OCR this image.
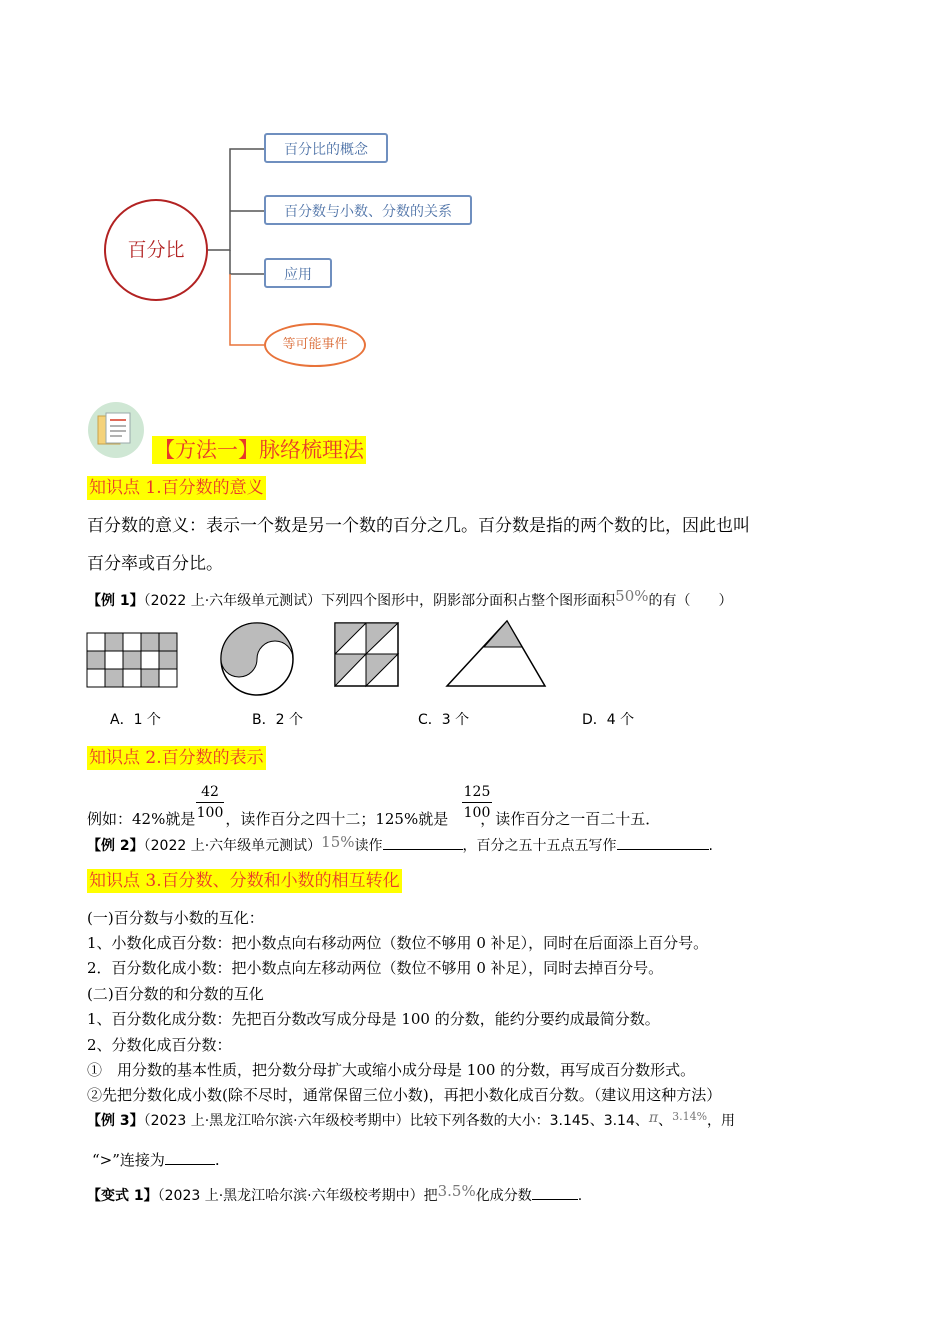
百分比
百分比的概念
百分数与小数、分数的关系
应用
等可能事件
【方法一】脉络梳理法
知识点 1.百分数的意义
百分数的意义：表示一个数是另一个数的百分之几。百分数是指的两个数的比，因此也叫
百分率或百分比。
【例 1】（2022 上·六年级单元测试）下列四个图形中，阴影部分面积占整个图形面积50%的有（　　）
A．1 个	B．2 个	C．3 个	D．4 个
知识点 2.百分数的表示
42
100
125
100
例如：42%就是 ，读作百分之四十二；125%就是 ，读作百分之一百二十五．
【例 2】（2022 上·六年级单元测试）15%读作	，百分之五十五点五写作	.
知识点 3.百分数、分数和小数的相互转化
(一)百分数与小数的互化：
1、小数化成百分数：把小数点向右移动两位（数位不够用 0 补足），同时在后面添上百分号。
2．百分数化成小数：把小数点向左移动两位（数位不够用 0 补足），同时去掉百分号。
(二)百分数的和分数的互化
1、百分数化成分数：先把百分数改写成分母是 100 的分数，能约分要约成最简分数。
2、分数化成百分数：
①　用分数的基本性质，把分数分母扩大或缩小成分母是 100 的分数，再写成百分数形式。
②先把分数化成小数(除不尽时，通常保留三位小数)，再把小数化成百分数。（建议用这种方法）
【例 3】（2023 上·黑龙江哈尔滨·六年级校考期中）比较下列各数的大小：3.145、3.14、π、$^{3.14\%}$，用
“>”连接为	.
【变式 1】（2023 上·黑龙江哈尔滨·六年级校考期中）把3.5%化成分数	.
